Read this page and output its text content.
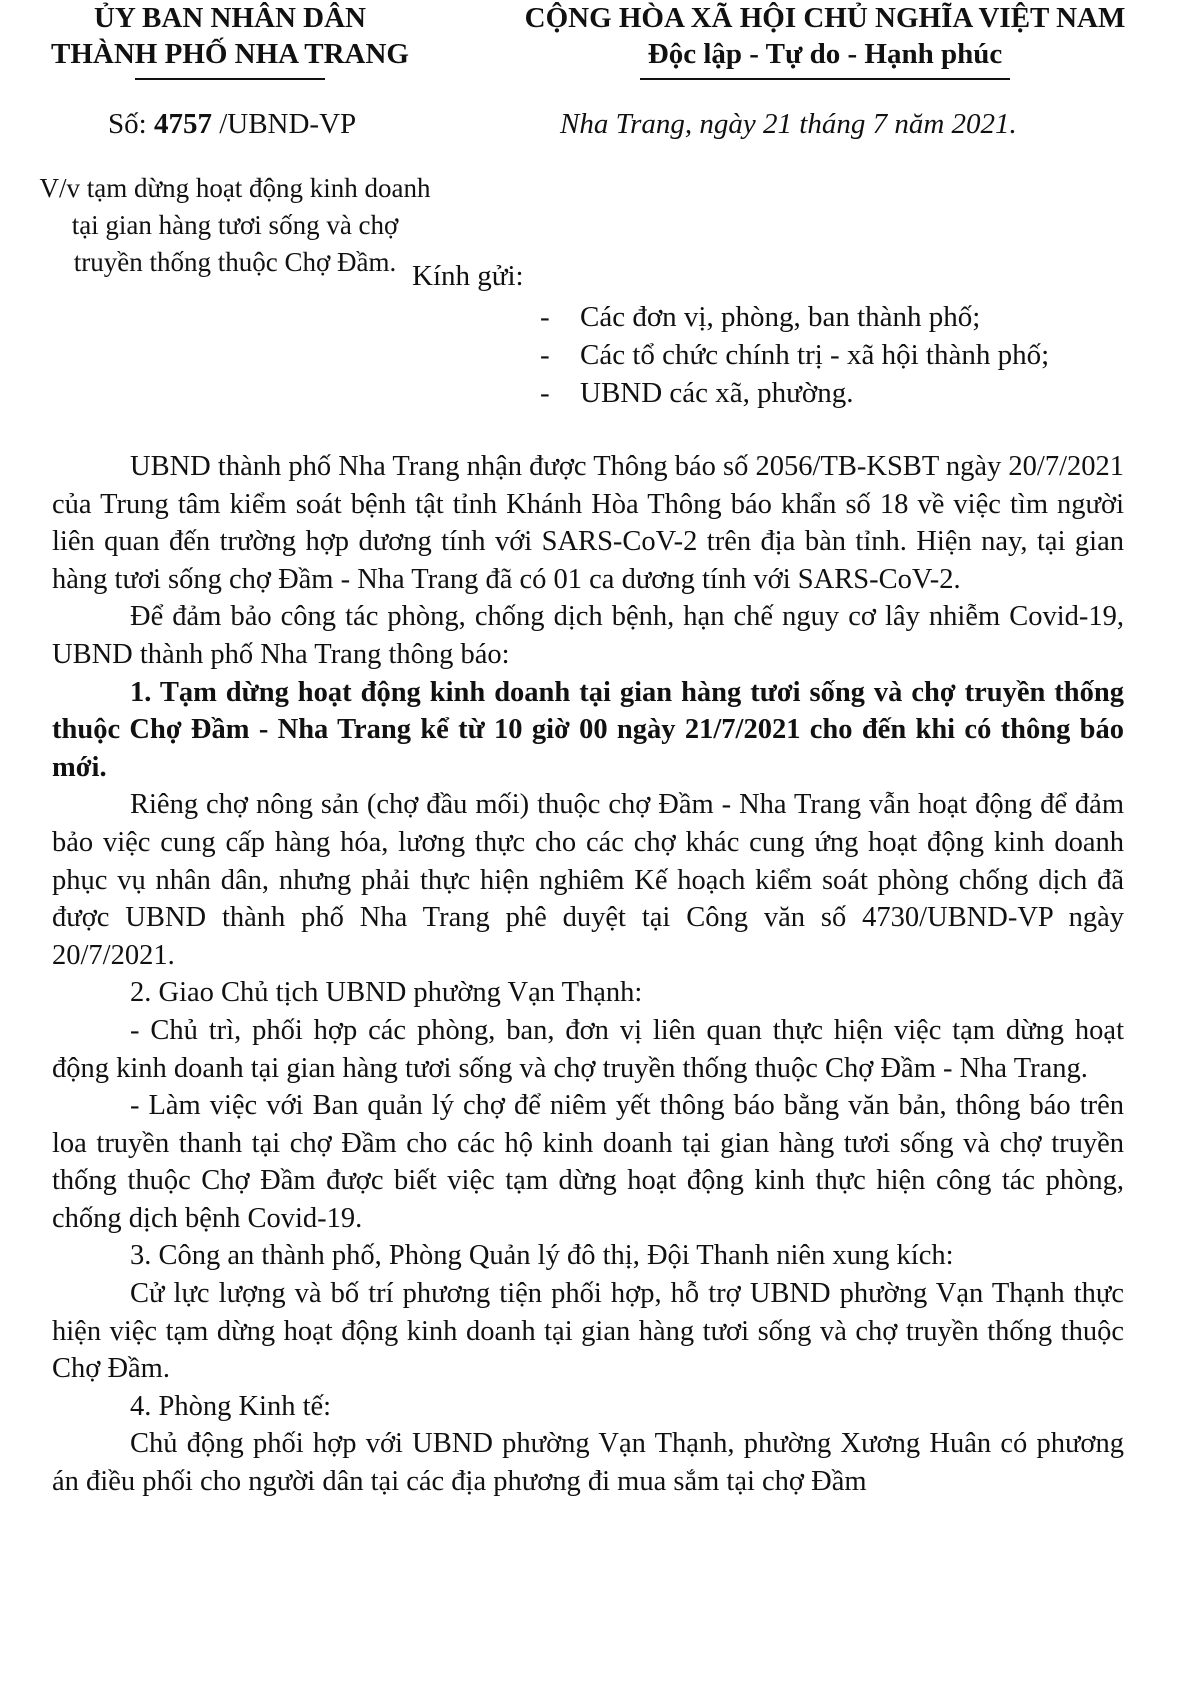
ỦY BAN NHÂN DÂN
THÀNH PHỐ NHA TRANG
CỘNG HÒA XÃ HỘI CHỦ NGHĨA VIỆT NAM
Độc lập - Tự do - Hạnh phúc
Số: 4757 /UBND-VP	Nha Trang, ngày 21 tháng 7 năm 2021.
V/v tạm dừng hoạt động kinh doanh
tại gian hàng tươi sống và chợ
truyền thống thuộc Chợ Đầm. Kính gửi:
- Các đơn vị, phòng, ban thành phố;
- Các tổ chức chính trị - xã hội thành phố;
- UBND các xã, phường.

UBND thành phố Nha Trang nhận được Thông báo số 2056/TB-KSBT ngày 20/7/2021 của Trung tâm kiểm soát bệnh tật tỉnh Khánh Hòa Thông báo khẩn số 18 về việc tìm người liên quan đến trường hợp dương tính với SARS-CoV-2 trên địa bàn tỉnh. Hiện nay, tại gian hàng tươi sống chợ Đầm - Nha Trang đã có 01 ca dương tính với SARS-CoV-2.

Để đảm bảo công tác phòng, chống dịch bệnh, hạn chế nguy cơ lây nhiễm Covid-19, UBND thành phố Nha Trang thông báo:

1. Tạm dừng hoạt động kinh doanh tại gian hàng tươi sống và chợ truyền thống thuộc Chợ Đầm - Nha Trang kể từ 10 giờ 00 ngày 21/7/2021 cho đến khi có thông báo mới.

Riêng chợ nông sản (chợ đầu mối) thuộc chợ Đầm - Nha Trang vẫn hoạt động để đảm bảo việc cung cấp hàng hóa, lương thực cho các chợ khác cung ứng hoạt động kinh doanh phục vụ nhân dân, nhưng phải thực hiện nghiêm Kế hoạch kiểm soát phòng chống dịch đã được UBND thành phố Nha Trang phê duyệt tại Công văn số 4730/UBND-VP ngày 20/7/2021.

2. Giao Chủ tịch UBND phường Vạn Thạnh:

- Chủ trì, phối hợp các phòng, ban, đơn vị liên quan thực hiện việc tạm dừng hoạt động kinh doanh tại gian hàng tươi sống và chợ truyền thống thuộc Chợ Đầm - Nha Trang.

- Làm việc với Ban quản lý chợ để niêm yết thông báo bằng văn bản, thông báo trên loa truyền thanh tại chợ Đầm cho các hộ kinh doanh tại gian hàng tươi sống và chợ truyền thống thuộc Chợ Đầm được biết việc tạm dừng hoạt động kinh thực hiện công tác phòng, chống dịch bệnh Covid-19.

3. Công an thành phố, Phòng Quản lý đô thị, Đội Thanh niên xung kích:

Cử lực lượng và bố trí phương tiện phối hợp, hỗ trợ UBND phường Vạn Thạnh thực hiện việc tạm dừng hoạt động kinh doanh tại gian hàng tươi sống và chợ truyền thống thuộc Chợ Đầm.

4. Phòng Kinh tế:

Chủ động phối hợp với UBND phường Vạn Thạnh, phường Xương Huân có phương án điều phối cho người dân tại các địa phương đi mua sắm tại chợ Đầm
